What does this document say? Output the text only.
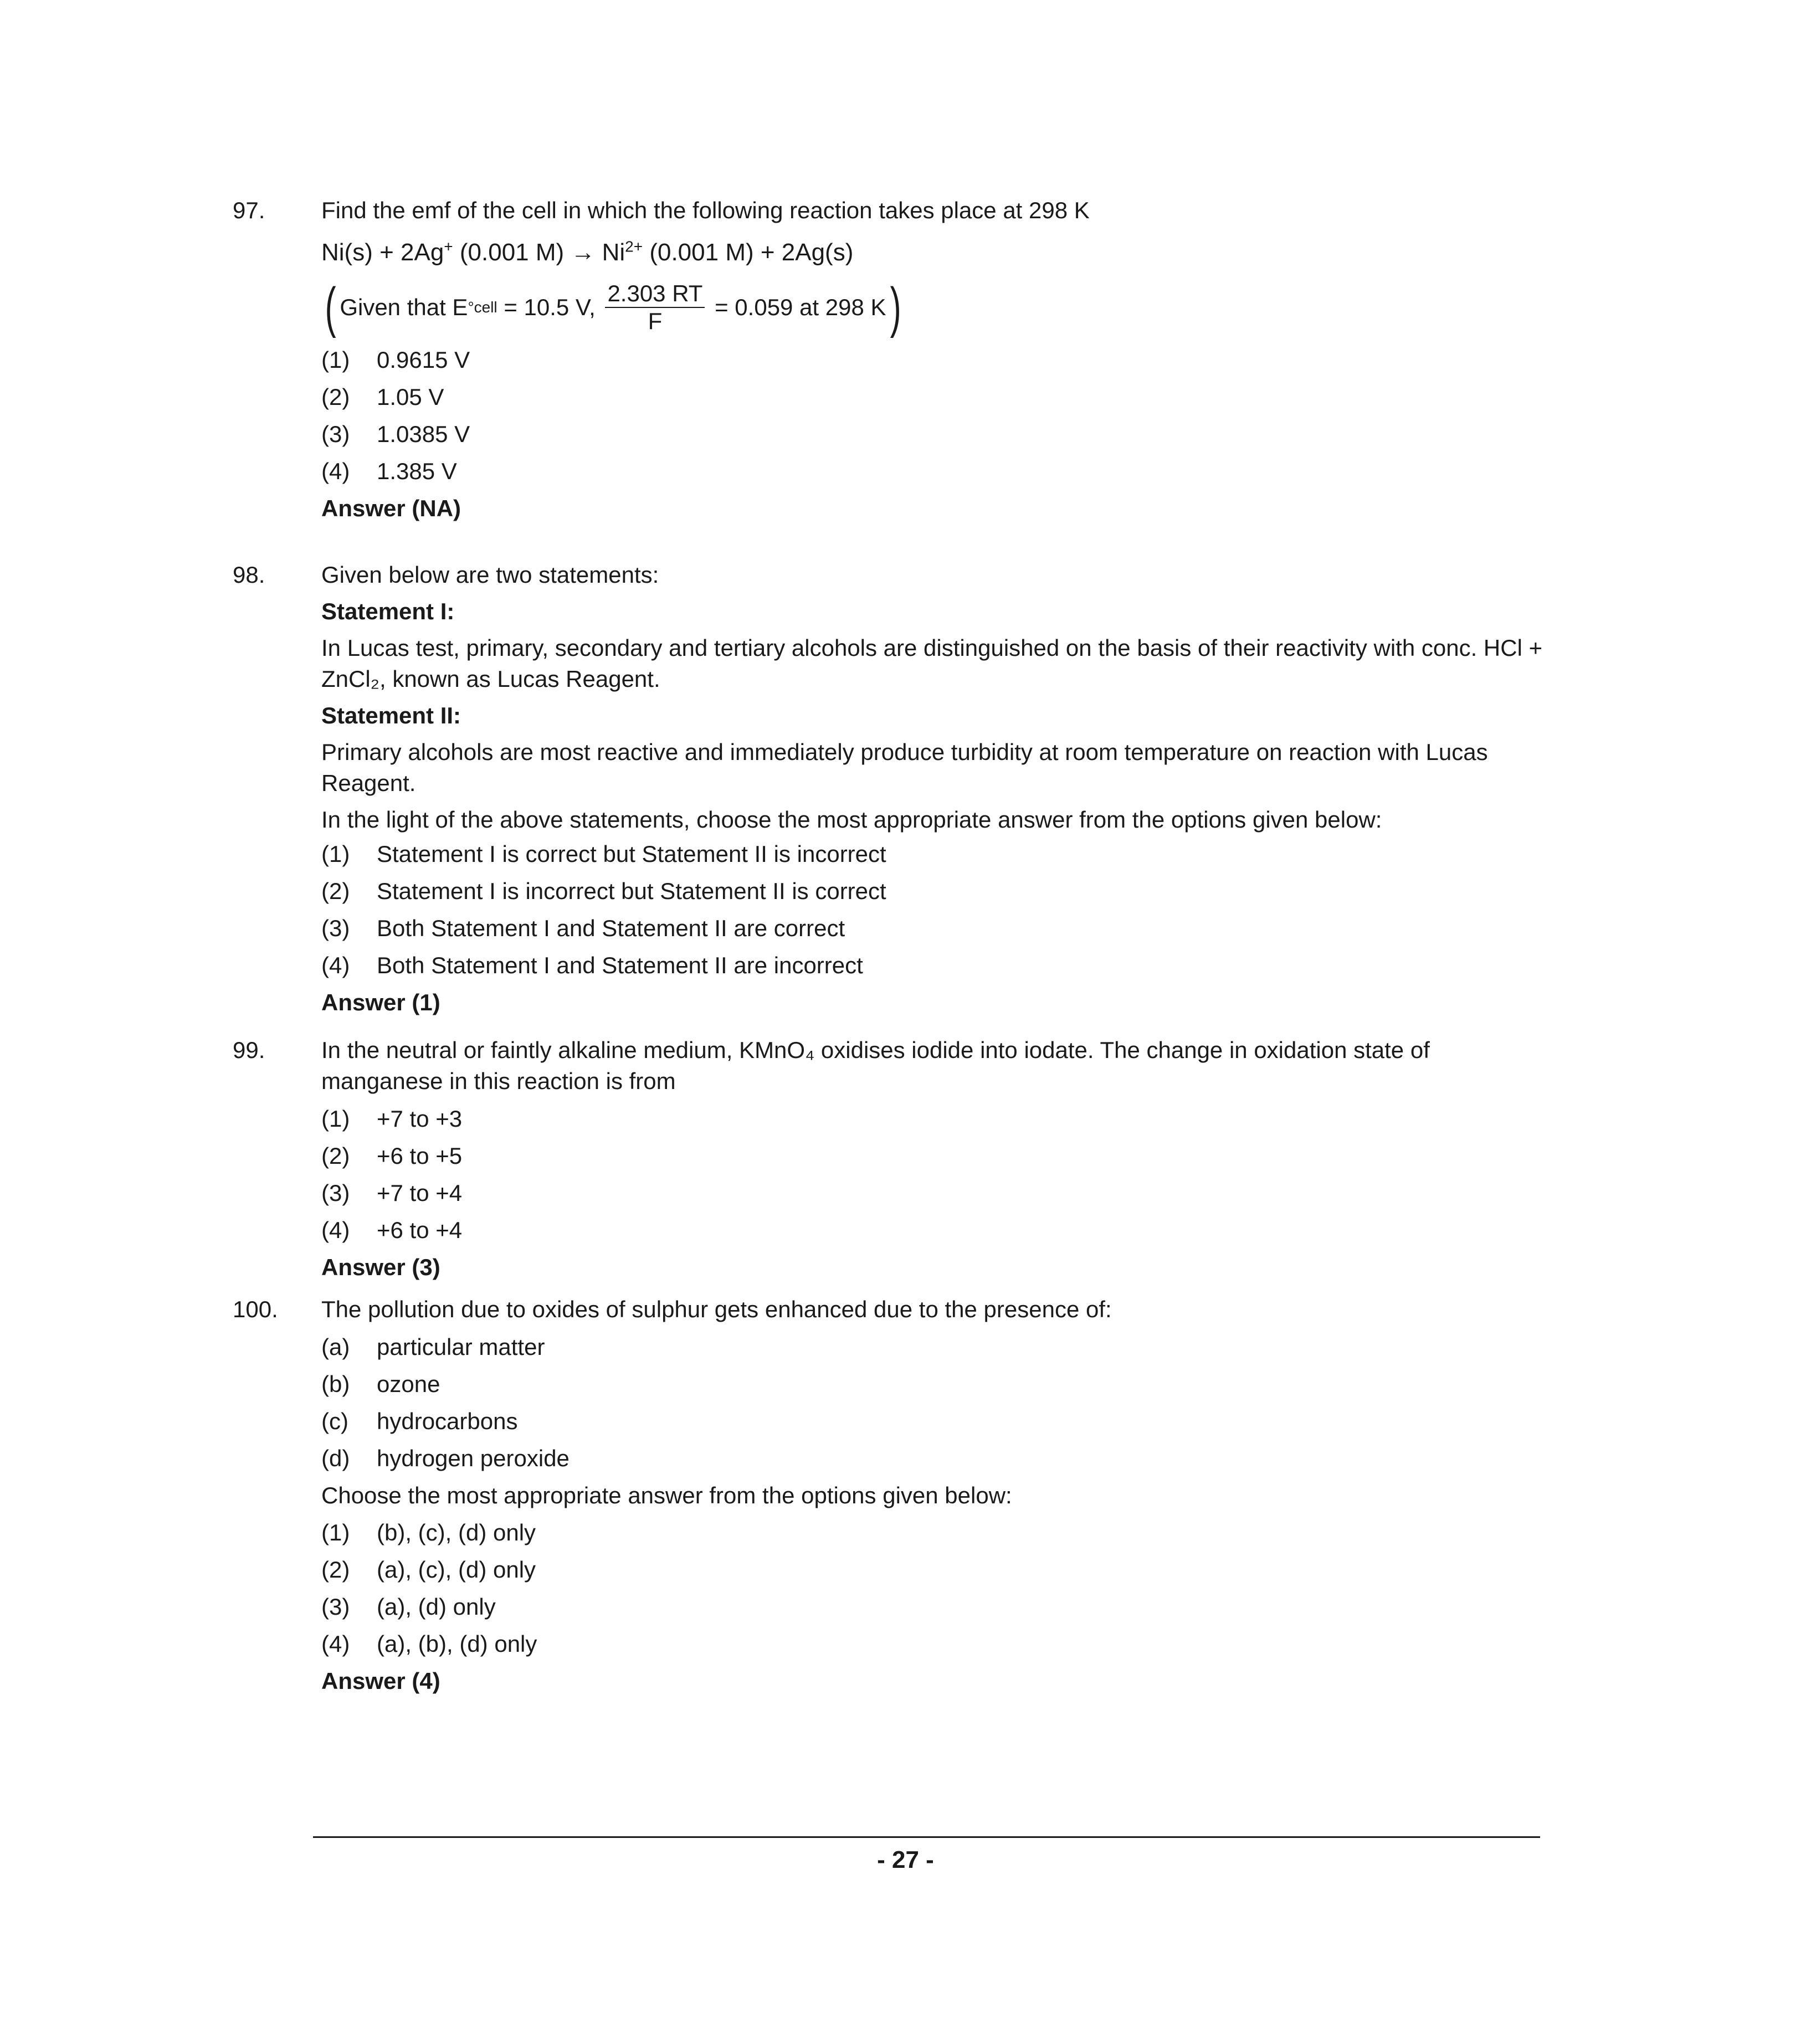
97.	Find the emf of the cell in which the following reaction takes place at 298 K
Ni(s) + 2Ag+ (0.001 $M) \to Ni^{2+}$ (0.001 M) + 2Ag(s)
( Given that E ° cell = 10.5 V, $\frac{2.303 RT}{F} = 0.059$ at 298 K )
(1)	0.9615 V
(2)	1.05 V
(3)	1.0385 V
(4)	1.385 V
Answer (NA)
98.	Given below are two statements:
Statement I:
In Lucas test, primary, secondary and tertiary alcohols are distinguished on the basis of their reactivity with conc. HCl + ZnCl₂, known as Lucas Reagent.
Statement II:
Primary alcohols are most reactive and immediately produce turbidity at room temperature on reaction with Lucas Reagent.
In the light of the above statements, choose the most appropriate answer from the options given below:
(1)	Statement I is correct but Statement II is incorrect
(2)	Statement I is incorrect but Statement II is correct
(3)	Both Statement I and Statement II are correct
(4)	Both Statement I and Statement II are incorrect
Answer (1)
99.	In the neutral or faintly alkaline medium, KMnO₄ oxidises iodide into iodate. The change in oxidation state of manganese in this reaction is from
(1)	+7 to +3
(2)	+6 to +5
(3)	+7 to +4
(4)	+6 to +4
Answer (3)
100.	The pollution due to oxides of sulphur gets enhanced due to the presence of:
(a)	particular matter
(b)	ozone
(c)	hydrocarbons
(d)	hydrogen peroxide
Choose the most appropriate answer from the options given below:
(1)	(b), (c), (d) only
(2)	(a), (c), (d) only
(3)	(a), (d) only
(4)	(a), (b), (d) only
Answer (4)
- 27 -
